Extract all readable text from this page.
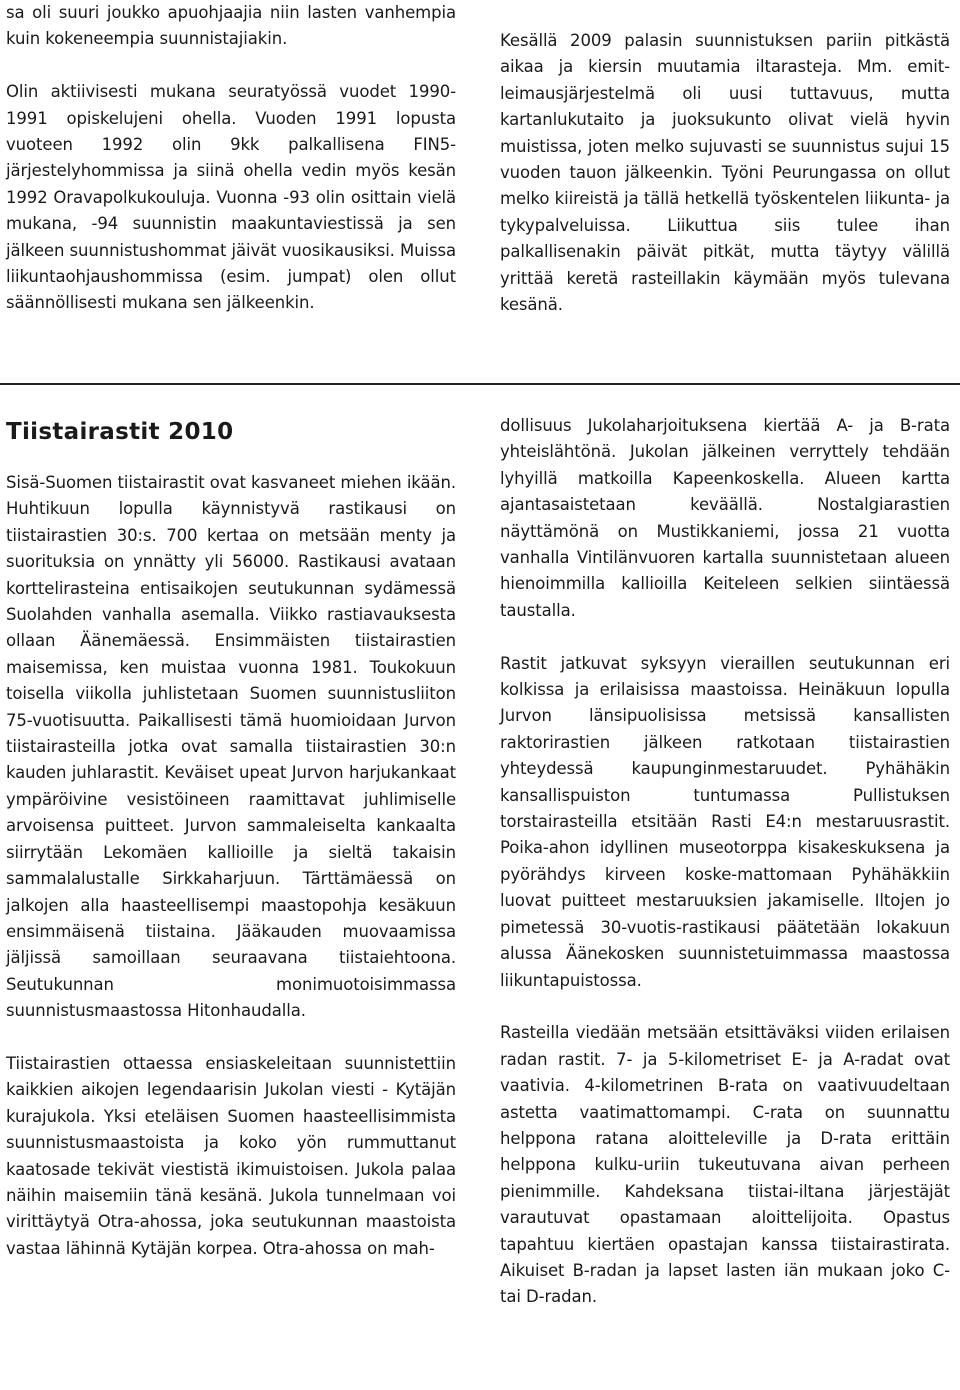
sa oli suuri joukko apuohjaajia niin lasten vanhempia kuin kokeneempia suunnistajiakin.

Olin aktiivisesti mukana seuratyössä vuodet 1990-1991 opiskelujeni ohella. Vuoden 1991 lopusta vuoteen 1992 olin 9kk palkallisena FIN5-järjestelyhommissa ja siinä ohella vedin myös kesän 1992 Oravapolkukouluja. Vuonna -93 olin osittain vielä mukana, -94 suunnistin maakuntaviestissä ja sen jälkeen suunnistushommat jäivät vuosikausiksi. Muissa liikuntaohjaushommissa (esim. jumpat) olen ollut säännöllisesti mukana sen jälkeenkin.

Kesällä 2009 palasin suunnistuksen pariin pitkästä aikaa ja kiersin muutamia iltarasteja. Mm. emit-leimausjärjestelmä oli uusi tuttavuus, mutta kartanlukutaito ja juoksukunto olivat vielä hyvin muistissa, joten melko sujuvasti se suunnistus sujui 15 vuoden tauon jälkeenkin. Työni Peurungassa on ollut melko kiireistä ja tällä hetkellä työskentelen liikunta- ja tykypalveluissa. Liikuttua siis tulee ihan palkallisenakin päivät pitkät, mutta täytyy välillä yrittää keretä rasteillakin käymään myös tulevana kesänä.

Tiistairastit 2010

Sisä-Suomen tiistairastit ovat kasvaneet miehen ikään. Huhtikuun lopulla käynnistyvä rastikausi on tiistairastien 30:s. 700 kertaa on metsään menty ja suorituksia on ynnätty yli 56000. Rastikausi avataan korttelirasteina entisaikojen seutukunnan sydämessä Suolahden vanhalla asemalla. Viikko rastiavauksesta ollaan Äänemäessä. Ensimmäisten tiistairastien maisemissa, ken muistaa vuonna 1981. Toukokuun toisella viikolla juhlistetaan Suomen suunnistusliiton 75-vuotisuutta. Paikallisesti tämä huomioidaan Jurvon tiistairasteilla jotka ovat samalla tiistairastien 30:n kauden juhlarastit. Keväiset upeat Jurvon harjukankaat ympäröivine vesistöineen raamittavat juhlimiselle arvoisensa puitteet. Jurvon sammaleiselta kankaalta siirrytään Lekomäen kallioille ja sieltä takaisin sammalalustalle Sirkkaharjuun. Tärttämäessä on jalkojen alla haasteellisempi maastopohja kesäkuun ensimmäisenä tiistaina. Jääkauden muovaamissa jäljissä samoillaan seuraavana tiistaiehtoona. Seutukunnan monimuotoisimmassa suunnistusmaastossa Hitonhaudalla.

Tiistairastien ottaessa ensiaskeleitaan suunnistettiin kaikkien aikojen legendaarisin Jukolan viesti - Kytäjän kurajukola. Yksi eteläisen Suomen haasteellisimmista suunnistusmaastoista ja koko yön rummuttanut kaatosade tekivät viestistä ikimuistoisen. Jukola palaa näihin maisemiin tänä kesänä. Jukola tunnelmaan voi virittäytyä Otra-ahossa, joka seutukunnan maastoista vastaa lähinnä Kytäjän korpea. Otra-ahossa on mah-

dollisuus Jukolaharjoituksena kiertää A- ja B-rata yhteislähtönä. Jukolan jälkeinen verryttely tehdään lyhyillä matkoilla Kapeenkoskella. Alueen kartta ajantasaistetaan keväällä. Nostalgiarastien näyttämönä on Mustikkaniemi, jossa 21 vuotta vanhalla Vintilänvuoren kartalla suunnistetaan alueen hienoimmilla kallioilla Keiteleen selkien siintäessä taustalla.

Rastit jatkuvat syksyyn vieraillen seutukunnan eri kolkissa ja erilaisissa maastoissa. Heinäkuun lopulla Jurvon länsipuolisissa metsissä kansallisten raktorirastien jälkeen ratkotaan tiistairastien yhteydessä kaupunginmestaruudet. Pyhähäkin kansallispuiston tuntumassa Pullistuksen torstairasteilla etsitään Rasti E4:n mestaruusrastit. Poika-ahon idyllinen museotorppa kisakeskuksena ja pyörähdys kirveen koske-mattomaan Pyhähäkkiin luovat puitteet mestaruuksien jakamiselle. Iltojen jo pimetessä 30-vuotis-rastikausi päätetään lokakuun alussa Äänekosken suunnistetuimmassa maastossa liikuntapuistossa.

Rasteilla viedään metsään etsittäväksi viiden erilaisen radan rastit. 7- ja 5-kilometriset E- ja A-radat ovat vaativia. 4-kilometrinen B-rata on vaativuudeltaan astetta vaatimattomampi. C-rata on suunnattu helppona ratana aloitteleville ja D-rata erittäin helppona kulku-uriin tukeutuvana aivan perheen pienimmille. Kahdeksana tiistai-iltana järjestäjät varautuvat opastamaan aloittelijoita. Opastus tapahtuu kiertäen opastajan kanssa tiistairastirata. Aikuiset B-radan ja lapset lasten iän mukaan joko C- tai D-radan.
